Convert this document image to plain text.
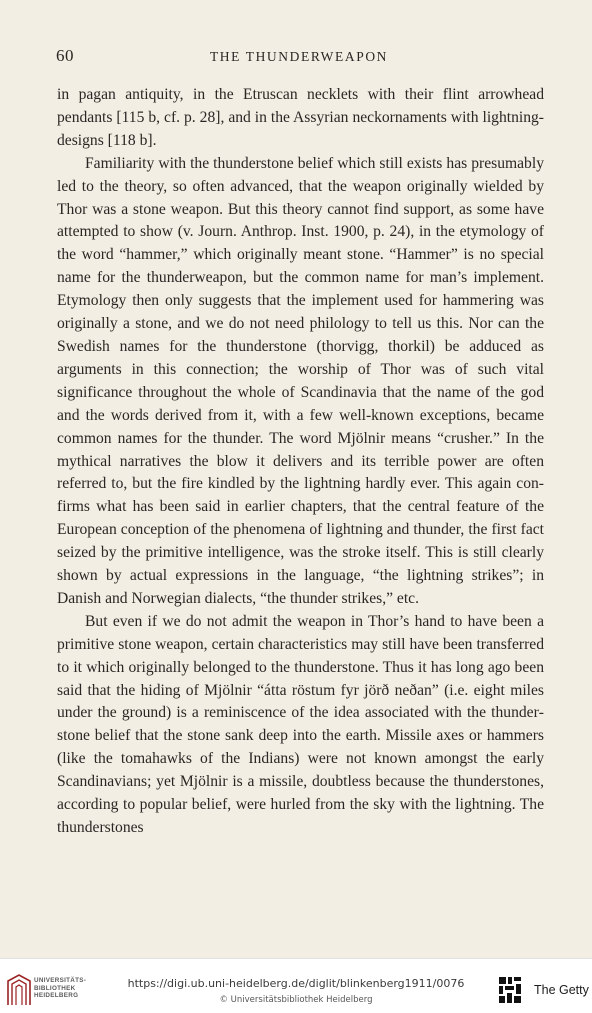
60	THE THUNDERWEAPON

in pagan antiquity, in the Etruscan necklets with their flint arrowhead pendants [115 b, cf. p. 28], and in the Assyrian neckornaments with lightning-designs [118 b].

Familiarity with the thunderstone belief which still exists has presumably led to the theory, so often advanced, that the weapon originally wielded by Thor was a stone weapon. But this theory cannot find support, as some have attempted to show (v. Journ. Anthrop. Inst. 1900, p. 24), in the etymology of the word “hammer,” which originally meant stone. “Hammer” is no special name for the thunderweapon, but the common name for man’s implement. Etymology then only suggests that the implement used for hammering was originally a stone, and we do not need philology to tell us this. Nor can the Swedish names for the thunderstone (thorvigg, thorkil) be adduced as arguments in this connection; the worship of Thor was of such vital significance throughout the whole of Scandinavia that the name of the god and the words derived from it, with a few well-known exceptions, became common names for the thunder. The word Mjölnir means “crusher.” In the mythical narratives the blow it delivers and its terrible power are often referred to, but the fire kindled by the lightning hardly ever. This again confirms what has been said in earlier chapters, that the central feature of the European conception of the phenomena of lightning and thunder, the first fact seized by the primitive intelligence, was the stroke itself. This is still clearly shown by actual expressions in the language, “the lightning strikes”; in Danish and Norwegian dialects, “the thunder strikes,” etc.

But even if we do not admit the weapon in Thor’s hand to have been a primitive stone weapon, certain characteristics may still have been transferred to it which originally belonged to the thunderstone. Thus it has long ago been said that the hiding of Mjölnir “átta röstum fyr jörð neðan” (i.e. eight miles under the ground) is a reminiscence of the idea associated with the thunderstone belief that the stone sank deep into the earth. Missile axes or hammers (like the tomahawks of the Indians) were not known amongst the early Scandinavians; yet Mjölnir is a missile, doubtless because the thunderstones, according to popular belief, were hurled from the sky with the lightning. The thunderstones

UNIVERSITÄTS-
BIBLIOTHEK
HEIDELBERG
https://digi.ub.uni-heidelberg.de/diglit/blinkenberg1911/0076
© Universitätsbibliothek Heidelberg
The Getty
